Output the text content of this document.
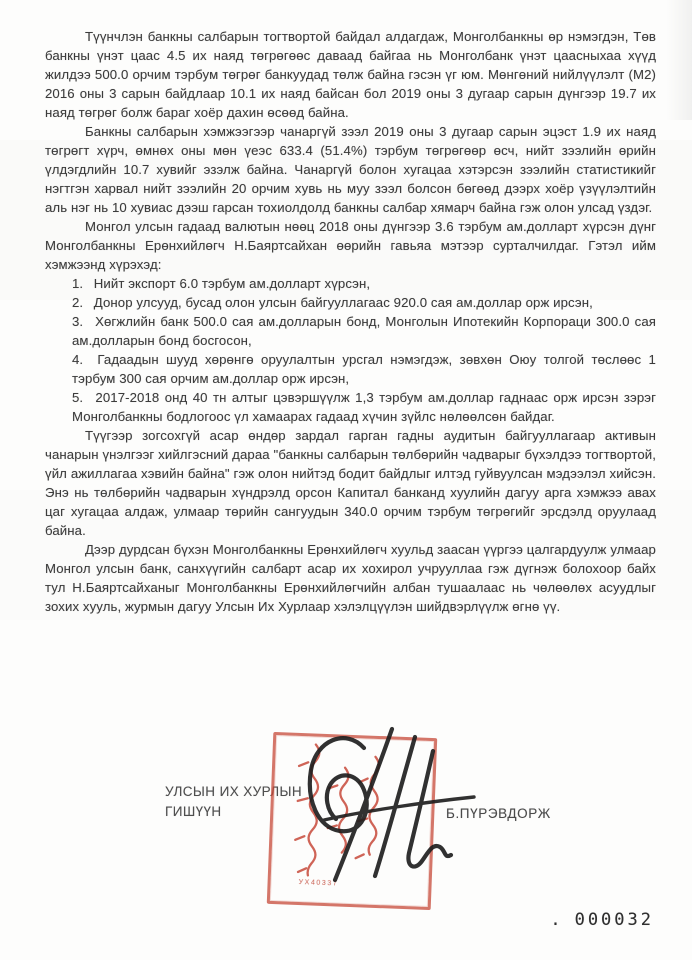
Түүнчлэн банкны салбарын тогтвортой байдал алдагдаж, Монголбанкны өр нэмэгдэн, Төв банкны үнэт цаас 4.5 их наяд төгрөгөөс даваад байгаа нь Монголбанк үнэт цаасныхаа хүүд жилдээ 500.0 орчим тэрбум төгрөг банкуудад төлж байна гэсэн үг юм. Мөнгөний нийлүүлэлт (М2) 2016 оны 3 сарын байдлаар 10.1 их наяд байсан бол 2019 оны 3 дугаар сарын дүнгээр 19.7 их наяд төгрөг болж бараг хоёр дахин өсөөд байна.

Банкны салбарын хэмжээгээр чанаргүй зээл 2019 оны 3 дугаар сарын эцэст 1.9 их наяд төгрөгт хүрч, өмнөх оны мөн үеэс 633.4 (51.4%) тэрбум төгрөгөөр өсч, нийт зээлийн өрийн үлдэгдлийн 10.7 хувийг эзэлж байна. Чанаргүй болон хугацаа хэтэрсэн зээлийн статистикийг нэгтгэн харвал нийт зээлийн 20 орчим хувь нь муу зээл болсон бөгөөд дээрх хоёр үзүүлэлтийн аль нэг нь 10 хувиас дээш гарсан тохиолдолд банкны салбар хямарч байна гэж олон улсад үздэг.

Монгол улсын гадаад валютын нөөц 2018 оны дүнгээр 3.6 тэрбум ам.долларт хүрсэн дүнг Монголбанкны Ерөнхийлөгч Н.Баяртсайхан өөрийн гавьяа мэтээр сурталчилдаг. Гэтэл ийм хэмжээнд хүрэхэд:

1. Нийт экспорт 6.0 тэрбум ам.долларт хүрсэн,
2. Донор улсууд, бусад олон улсын байгууллагаас 920.0 сая ам.доллар орж ирсэн,
3. Хөгжлийн банк 500.0 сая ам.долларын бонд, Монголын Ипотекийн Корпораци 300.0 сая ам.долларын бонд босгосон,
4. Гадаадын шууд хөрөнгө оруулалтын урсгал нэмэгдэж, зөвхөн Оюу толгой төслөөс 1 тэрбум 300 сая орчим ам.доллар орж ирсэн,
5. 2017-2018 онд 40 тн алтыг цэвэршүүлж 1,3 тэрбум ам.доллар гаднаас орж ирсэн зэрэг Монголбанкны бодлогоос үл хамаарах гадаад хүчин зүйлс нөлөөлсөн байдаг.

Түүгээр зогсохгүй асар өндөр зардал гарган гадны аудитын байгууллагаар активын чанарын үнэлгээг хийлгэсний дараа "банкны салбарын төлбөрийн чадварыг бүхэлдээ тогтвортой, үйл ажиллагаа хэвийн байна" гэж олон нийтэд бодит байдлыг илтэд гуйвуулсан мэдээлэл хийсэн. Энэ нь төлбөрийн чадварын хүндрэлд орсон Капитал банканд хуулийн дагуу арга хэмжээ авах цаг хугацаа алдаж, улмаар төрийн сангуудын 340.0 орчим тэрбум төгрөгийг эрсдэлд оруулаад байна.

Дээр дурдсан бүхэн Монголбанкны Ерөнхийлөгч хуульд заасан үүргээ цалгардуулж улмаар Монгол улсын банк, санхүүгийн салбарт асар их хохирол учрууллаа гэж дүгнэж болохоор байх тул Н.Баяртсайханыг Монголбанкны Ерөнхийлөгчийн албан тушаалаас нь чөлөөлөх асуудлыг зохих хууль, журмын дагуу Улсын Их Хурлаар хэлэлцүүлэн шийдвэрлүүлж өгнө үү.

УЛСЫН ИХ ХУРЛЫН
ГИШҮҮН
УХ40337
Б.ПҮРЭВДОРЖ
. 000032
